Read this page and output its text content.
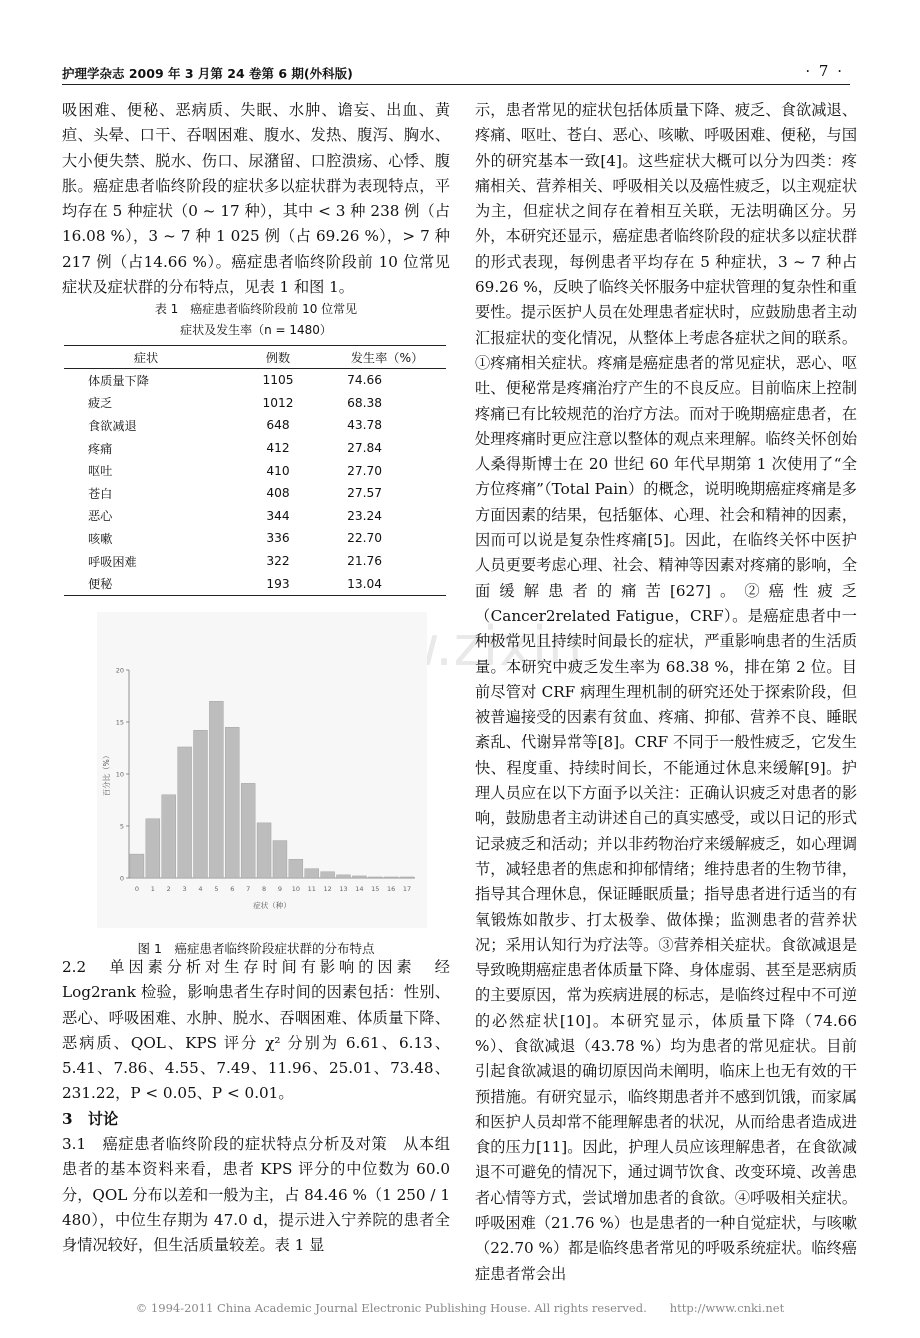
护理学杂志 2009 年 3 月第 24 卷第 6 期(外科版)	· 7 ·
www.zixin

吸困难、便秘、恶病质、失眠、水肿、谵妄、出血、黄疸、头晕、口干、吞咽困难、腹水、发热、腹泻、胸水、大小便失禁、脱水、伤口、尿潴留、口腔溃疡、心悸、腹胀。癌症患者临终阶段的症状多以症状群为表现特点，平均存在 5 种症状（0 ~ 17 种），其中 < 3 种 238 例（占 16.08 %），3 ~ 7 种 1 025 例（占 69.26 %），> 7 种 217 例（占14.66 %）。癌症患者临终阶段前 10 位常见症状及症状群的分布特点，见表 1 和图 1。

表 1　癌症患者临终阶段前 10 位常见
症状及发生率（n = 1480）
症状	例数	发生率（%）
体质量下降	1105	74.66
疲乏	1012	68.38
食欲减退	648	43.78
疼痛	412	27.84
呕吐	410	27.70
苍白	408	27.57
恶心	344	23.24
咳嗽	336	22.70
呼吸困难	322	21.76
便秘	193	13.04
0
5
10
15
20
0 1 2 3 4 5 6 7 8 9 10 11 12 13 14 15 16 17
症状（种）
百分比（%）
图 1　癌症患者临终阶段症状群的分布特点

2.2　单因素分析对生存时间有影响的因素　经 Log2rank 检验，影响患者生存时间的因素包括：性别、恶心、呼吸困难、水肿、脱水、吞咽困难、体质量下降、恶病质、QOL、KPS 评分 χ² 分别为 6.61、6.13、5.41、7.86、4.55、7.49、11.96、25.01、73.48、231.22，P < 0.05、P < 0.01。

3　讨论

3.1　癌症患者临终阶段的症状特点分析及对策　从本组患者的基本资料来看，患者 KPS 评分的中位数为 60.0 分，QOL 分布以差和一般为主，占 84.46 %（1 250 / 1 480），中位生存期为 47.0 d，提示进入宁养院的患者全身情况较好，但生活质量较差。表 1 显

示，患者常见的症状包括体质量下降、疲乏、食欲减退、疼痛、呕吐、苍白、恶心、咳嗽、呼吸困难、便秘，与国外的研究基本一致[4]。这些症状大概可以分为四类：疼痛相关、营养相关、呼吸相关以及癌性疲乏，以主观症状为主，但症状之间存在着相互关联，无法明确区分。另外，本研究还显示，癌症患者临终阶段的症状多以症状群的形式表现，每例患者平均存在 5 种症状，3 ~ 7 种占 69.26 %，反映了临终关怀服务中症状管理的复杂性和重要性。提示医护人员在处理患者症状时，应鼓励患者主动汇报症状的变化情况，从整体上考虑各症状之间的联系。①疼痛相关症状。疼痛是癌症患者的常见症状，恶心、呕吐、便秘常是疼痛治疗产生的不良反应。目前临床上控制疼痛已有比较规范的治疗方法。而对于晚期癌症患者，在处理疼痛时更应注意以整体的观点来理解。临终关怀创始人桑得斯博士在 20 世纪 60 年代早期第 1 次使用了“全方位疼痛”（Total Pain）的概念，说明晚期癌症疼痛是多方面因素的结果，包括躯体、心理、社会和精神的因素，因而可以说是复杂性疼痛[5]。因此，在临终关怀中医护人员更要考虑心理、社会、精神等因素对疼痛的影响，全面缓解患者的痛苦[627]。②癌性疲乏（Cancer2related Fatigue，CRF）。是癌症患者中一种极常见且持续时间最长的症状，严重影响患者的生活质量。本研究中疲乏发生率为 68.38 %，排在第 2 位。目前尽管对 CRF 病理生理机制的研究还处于探索阶段，但被普遍接受的因素有贫血、疼痛、抑郁、营养不良、睡眠紊乱、代谢异常等[8]。CRF 不同于一般性疲乏，它发生快、程度重、持续时间长，不能通过休息来缓解[9]。护理人员应在以下方面予以关注：正确认识疲乏对患者的影响，鼓励患者主动讲述自己的真实感受，或以日记的形式记录疲乏和活动；并以非药物治疗来缓解疲乏，如心理调节，减轻患者的焦虑和抑郁情绪；维持患者的生物节律，指导其合理休息，保证睡眠质量；指导患者进行适当的有氧锻炼如散步、打太极拳、做体操；监测患者的营养状况；采用认知行为疗法等。③营养相关症状。食欲减退是导致晚期癌症患者体质量下降、身体虚弱、甚至是恶病质的主要原因，常为疾病进展的标志，是临终过程中不可逆的必然症状[10]。本研究显示，体质量下降（74.66 %）、食欲减退（43.78 %）均为患者的常见症状。目前引起食欲减退的确切原因尚未阐明，临床上也无有效的干预措施。有研究显示，临终期患者并不感到饥饿，而家属和医护人员却常不能理解患者的状况，从而给患者造成进食的压力[11]。因此，护理人员应该理解患者，在食欲减退不可避免的情况下，通过调节饮食、改变环境、改善患者心情等方式，尝试增加患者的食欲。④呼吸相关症状。呼吸困难（21.76 %）也是患者的一种自觉症状，与咳嗽（22.70 %）都是临终患者常见的呼吸系统症状。临终癌症患者常会出

© 1994-2011 China Academic Journal Electronic Publishing House. All rights reserved.　　http://www.cnki.net
